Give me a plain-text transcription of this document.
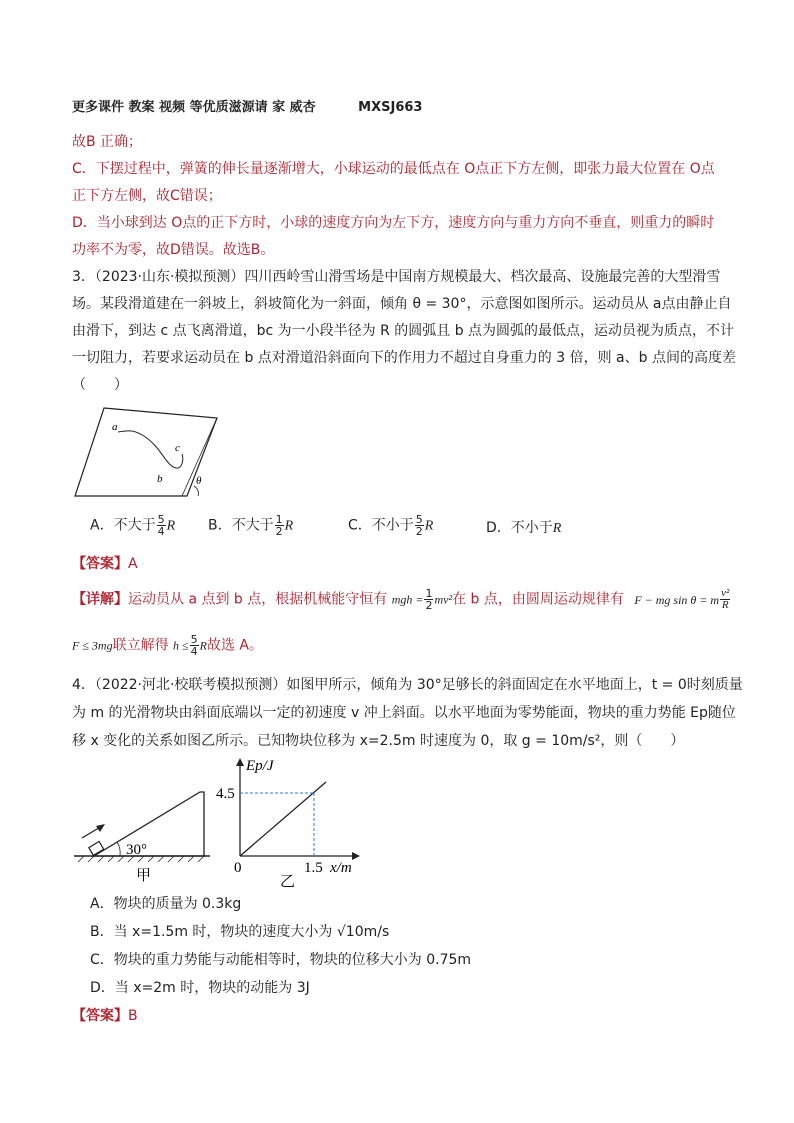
更多课件 教案 视频 等优质滋源请 家 威杏	MXSJ663
故B 正确；
C．下摆过程中，弹簧的伸长量逐渐增大，小球运动的最低点在 O点正下方左侧，即张力最大位置在 O点
正下方左侧，故C错误；
D．当小球到达 O点的正下方时，小球的速度方向为左下方，速度方向与重力方向不垂直，则重力的瞬时
功率不为零，故D错误。故选B。
3．（2023·山东·模拟预测）四川西岭雪山滑雪场是中国南方规模最大、档次最高、设施最完善的大型滑雪
场。某段滑道建在一斜坡上，斜坡简化为一斜面，倾角 θ = 30°，示意图如图所示。运动员从 a点由静止自
由滑下，到达 c 点飞离滑道，bc 为一小段半径为 R 的圆弧且 b 点为圆弧的最低点，运动员视为质点，不计
一切阻力，若要求运动员在 b 点对滑道沿斜面向下的作用力不超过自身重力的 3 倍，则 a、b 点间的高度差
（　　）
a
b
c
θ
A．不大于 $\frac{5}{4}$ R B．不大于 $\frac{1}{2}$ R	C．不小于 $\frac{5}{2}$ R	D．不小于R
【答案】A
【详解】运动员从 a 点到 b 点，根据机械能守恒有 mgh = $\frac{1}{2} mv^2$在 b 点，由圆周运动规律有 F − mg sin θ = m $\frac{\text{v²}}{R}$
F ≤ 3mg联立解得 $h \le \frac{5}{4}$ R故选 A。
4．（2022·河北·校联考模拟预测）如图甲所示，倾角为 30°足够长的斜面固定在水平地面上，t = 0时刻质量
为 m 的光滑物块由斜面底端以一定的初速度 v 冲上斜面。以水平地面为零势能面，物块的重力势能 Ep随位
移 x 变化的关系如图乙所示。已知物块位移为 x=2.5m 时速度为 0，取 g = 10m/s²，则（　　）
30°
甲
Ep/J
4.5
0	1.5 x/m
乙
A．物块的质量为 0.3kg
B．当 x=1.5m 时，物块的速度大小为 √10m/s
C．物块的重力势能与动能相等时，物块的位移大小为 0.75m
D．当 x=2m 时，物块的动能为 3J
【答案】B
